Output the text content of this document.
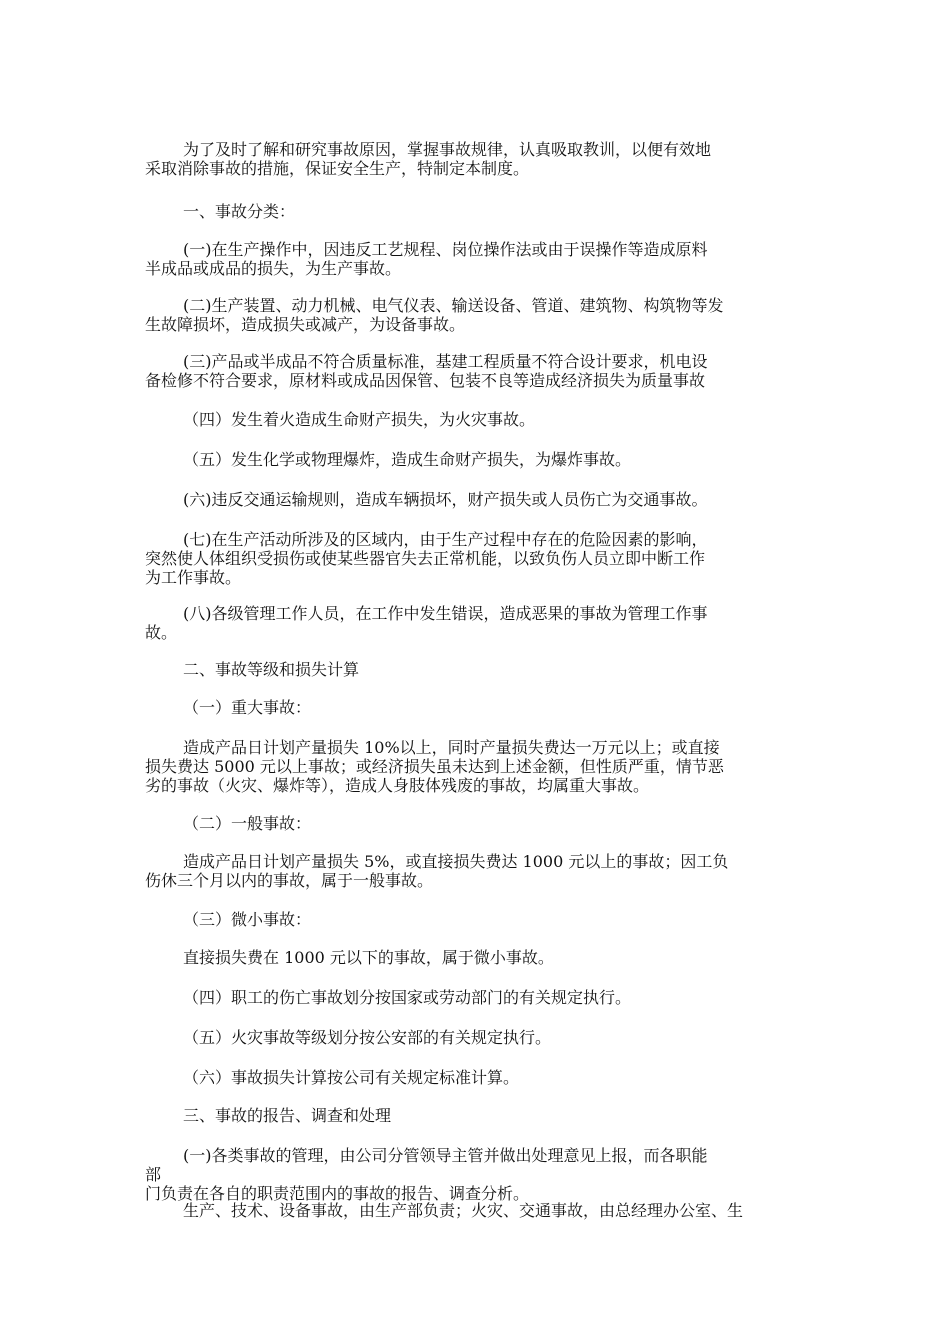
为了及时了解和研究事故原因，掌握事故规律，认真吸取教训，以便有效地
采取消除事故的措施，保证安全生产，特制定本制度。
一、事故分类：
(一)在生产操作中，因违反工艺规程、岗位操作法或由于误操作等造成原料
半成品或成品的损失，为生产事故。
(二)生产装置、动力机械、电气仪表、输送设备、管道、建筑物、构筑物等发
生故障损坏，造成损失或减产，为设备事故。
(三)产品或半成品不符合质量标准，基建工程质量不符合设计要求，机电设
备检修不符合要求，原材料或成品因保管、包装不良等造成经济损失为质量事故
（四）发生着火造成生命财产损失，为火灾事故。
（五）发生化学或物理爆炸，造成生命财产损失，为爆炸事故。
(六)违反交通运输规则，造成车辆损坏，财产损失或人员伤亡为交通事故。
(七)在生产活动所涉及的区域内，由于生产过程中存在的危险因素的影响，
突然使人体组织受损伤或使某些器官失去正常机能，以致负伤人员立即中断工作
为工作事故。
(八)各级管理工作人员，在工作中发生错误，造成恶果的事故为管理工作事
故。
二、事故等级和损失计算
（一）重大事故：
造成产品日计划产量损失 10%以上，同时产量损失费达一万元以上；或直接
损失费达 5000 元以上事故；或经济损失虽未达到上述金额，但性质严重，情节恶
劣的事故（火灾、爆炸等），造成人身肢体残废的事故，均属重大事故。
（二）一般事故：
造成产品日计划产量损失 5%，或直接损失费达 1000 元以上的事故；因工负
伤休三个月以内的事故，属于一般事故。
（三）微小事故：
直接损失费在 1000 元以下的事故，属于微小事故。
（四）职工的伤亡事故划分按国家或劳动部门的有关规定执行。
（五）火灾事故等级划分按公安部的有关规定执行。
（六）事故损失计算按公司有关规定标准计算。
三、事故的报告、调查和处理
(一)各类事故的管理，由公司分管领导主管并做出处理意见上报，而各职能
部
门负责在各自的职责范围内的事故的报告、调查分析。
生产、技术、设备事故，由生产部负责；火灾、交通事故，由总经理办公室、生
